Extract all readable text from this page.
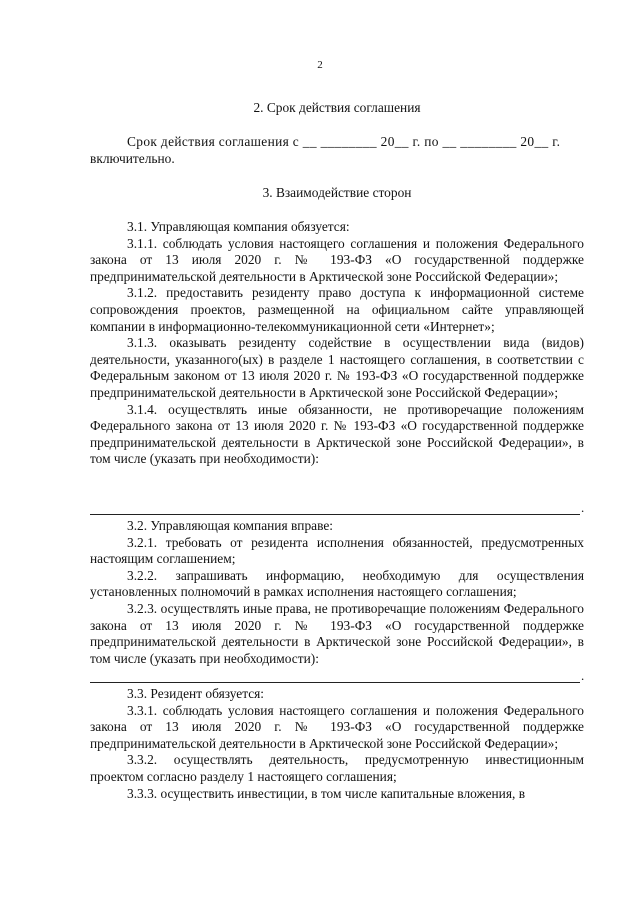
2
2. Срок действия соглашения
Срок действия соглашения с __ ________ 20__ г. по __ ________ 20__ г.

включительно.

3. Взаимодействие сторон

3.1. Управляющая компания обязуется:

3.1.1. соблюдать условия настоящего соглашения и положения Федерального закона от 13 июля 2020 г. № 193-ФЗ «О государственной поддержке предпринимательской деятельности в Арктической зоне Российской Федерации»;

3.1.2. предоставить резиденту право доступа к информационной системе сопровождения проектов, размещенной на официальном сайте управляющей компании в информационно-телекоммуникационной сети «Интернет»;

3.1.3. оказывать резиденту содействие в осуществлении вида (видов) деятельности, указанного(ых) в разделе 1 настоящего соглашения, в соответствии с Федеральным законом от 13 июля 2020 г. № 193-ФЗ «О государственной поддержке предпринимательской деятельности в Арктической зоне Российской Федерации»;

3.1.4. осуществлять иные обязанности, не противоречащие положениям Федерального закона от 13 июля 2020 г. № 193-ФЗ «О государственной поддержке предпринимательской деятельности в Арктической зоне Российской Федерации», в том числе (указать при необходимости):

.

3.2. Управляющая компания вправе:

3.2.1. требовать от резидента исполнения обязанностей, предусмотренных настоящим соглашением;

3.2.2. запрашивать информацию, необходимую для осуществления установленных полномочий в рамках исполнения настоящего соглашения;

3.2.3. осуществлять иные права, не противоречащие положениям Федерального закона от 13 июля 2020 г. № 193-ФЗ «О государственной поддержке предпринимательской деятельности в Арктической зоне Российской Федерации», в том числе (указать при необходимости):

.

3.3. Резидент обязуется:

3.3.1. соблюдать условия настоящего соглашения и положения Федерального закона от 13 июля 2020 г. № 193-ФЗ «О государственной поддержке предпринимательской деятельности в Арктической зоне Российской Федерации»;

3.3.2. осуществлять деятельность, предусмотренную инвестиционным проектом согласно разделу 1 настоящего соглашения;

3.3.3. осуществить инвестиции, в том числе капитальные вложения, в
